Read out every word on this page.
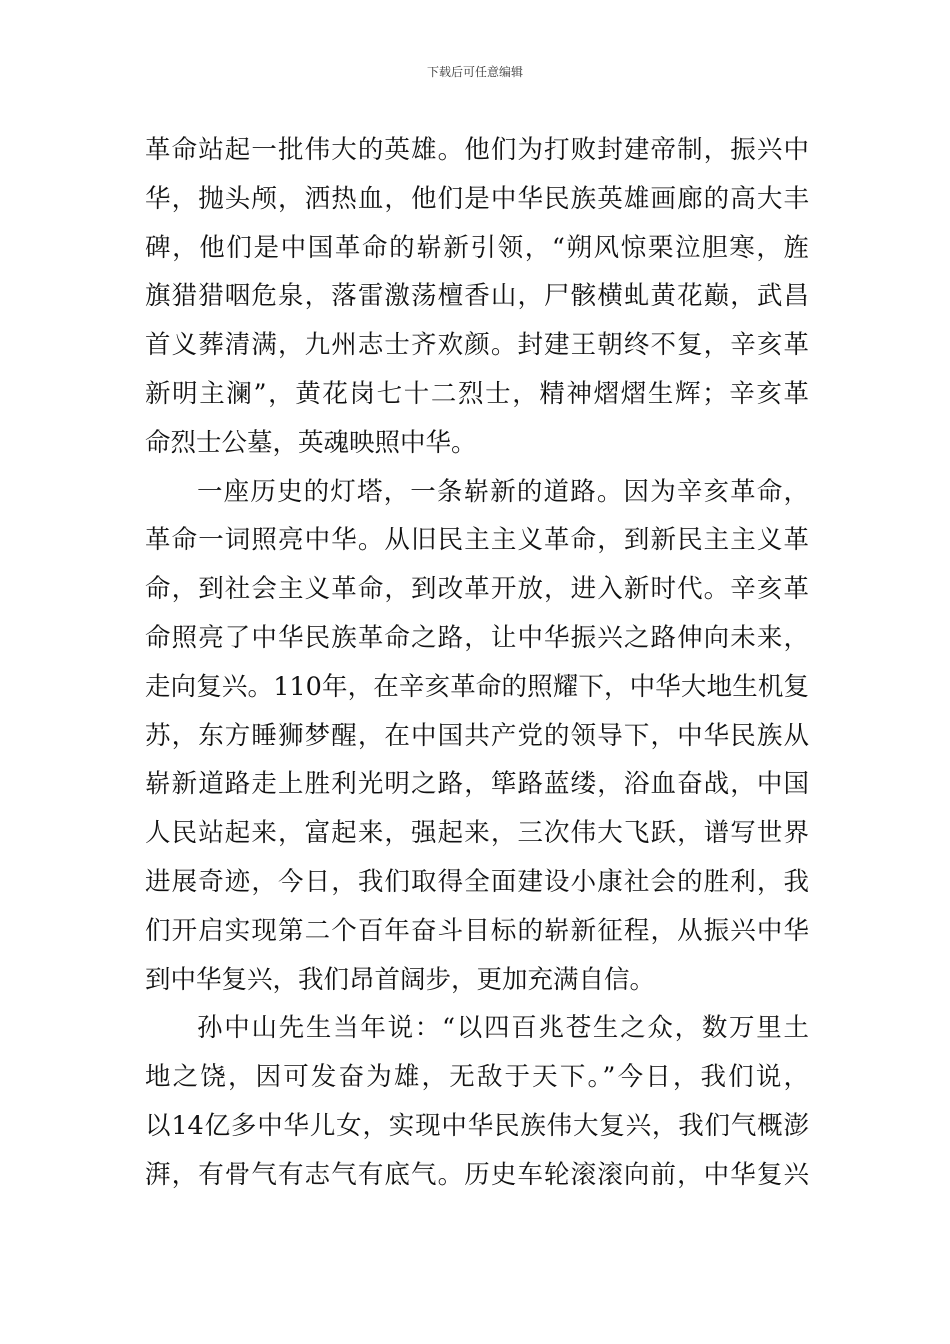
下载后可任意编辑
革命站起一批伟大的英雄。他们为打败封建帝制，振兴中
华，抛头颅，洒热血，他们是中华民族英雄画廊的高大丰
碑，他们是中国革命的崭新引领，“朔风惊栗泣胆寒，旌
旗猎猎咽危泉，落雷激荡檀香山，尸骸横虬黄花巅，武昌
首义葬清满，九州志士齐欢颜。封建王朝终不复，辛亥革
新明主澜”，黄花岗七十二烈士，精神熠熠生辉；辛亥革
命烈士公墓，英魂映照中华。
一座历史的灯塔，一条崭新的道路。因为辛亥革命，
革命一词照亮中华。从旧民主主义革命，到新民主主义革
命，到社会主义革命，到改革开放，进入新时代。辛亥革
命照亮了中华民族革命之路，让中华振兴之路伸向未来，
走向复兴。110年，在辛亥革命的照耀下，中华大地生机复
苏，东方睡狮梦醒，在中国共产党的领导下，中华民族从
崭新道路走上胜利光明之路，筚路蓝缕，浴血奋战，中国
人民站起来，富起来，强起来，三次伟大飞跃，谱写世界
进展奇迹，今日，我们取得全面建设小康社会的胜利，我
们开启实现第二个百年奋斗目标的崭新征程，从振兴中华
到中华复兴，我们昂首阔步，更加充满自信。
孙中山先生当年说：“以四百兆苍生之众，数万里土
地之饶，因可发奋为雄，无敌于天下。”今日，我们说，
以14亿多中华儿女，实现中华民族伟大复兴，我们气概澎
湃，有骨气有志气有底气。历史车轮滚滚向前，中华复兴
